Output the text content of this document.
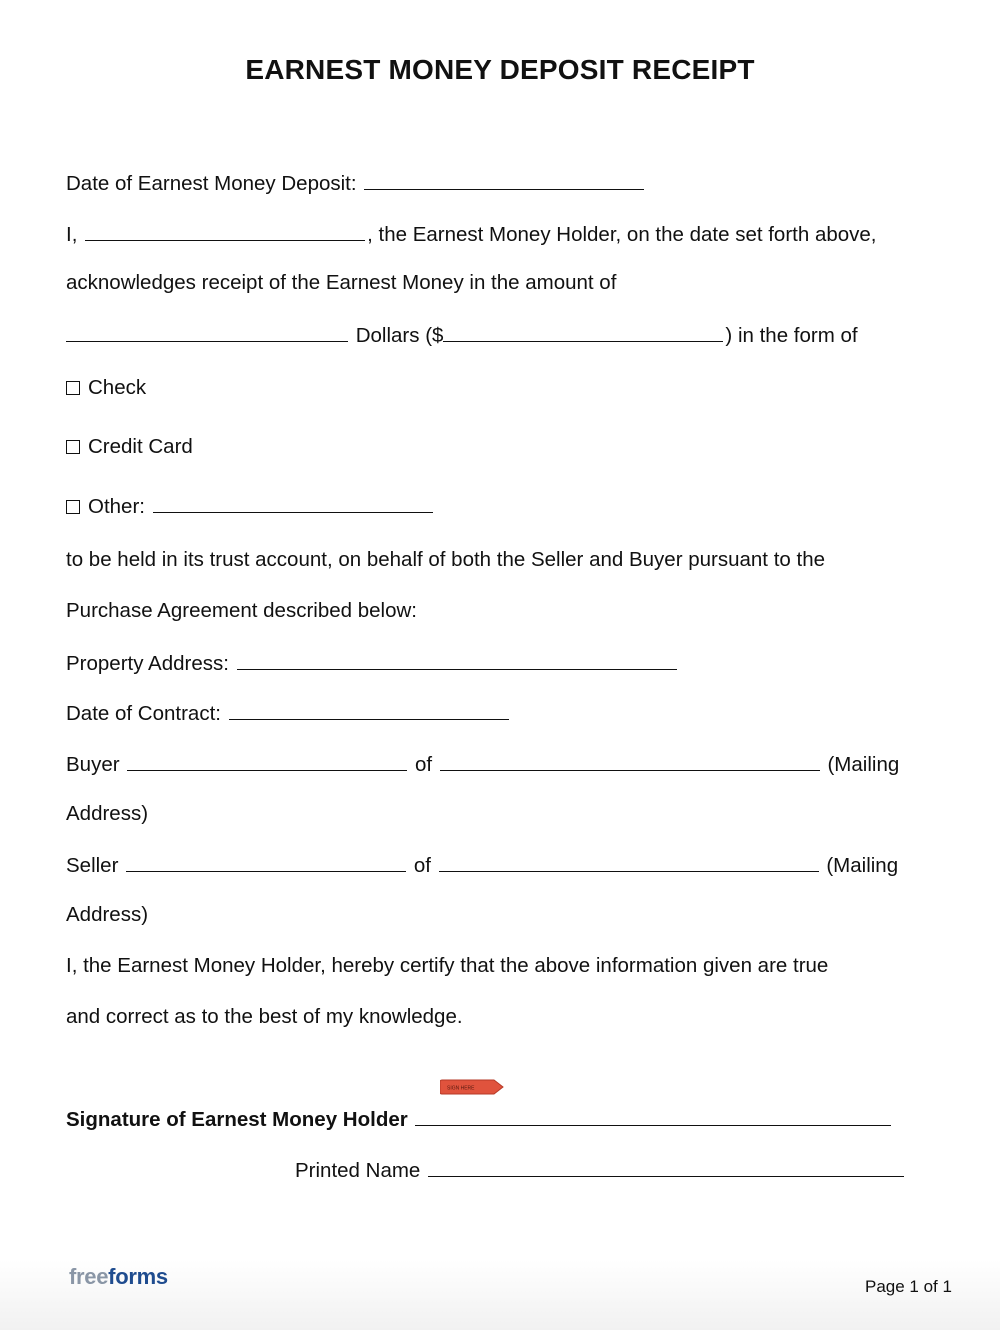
EARNEST MONEY DEPOSIT RECEIPT
Date of Earnest Money Deposit:
I,	, the Earnest Money Holder, on the date set forth above,
acknowledges receipt of the Earnest Money in the amount of
Dollars ($	) in the form of
Check
Credit Card
Other:
to be held in its trust account, on behalf of both the Seller and Buyer pursuant to the
Purchase Agreement described below:
Property Address:
Date of Contract:
Buyer	of	(Mailing
Address)
Seller	of	(Mailing
Address)
I, the Earnest Money Holder, hereby certify that the above information given are true
and correct as to the best of my knowledge.
SIGN HERE
Signature of Earnest Money Holder
Printed Name
freeforms	Page 1 of 1
